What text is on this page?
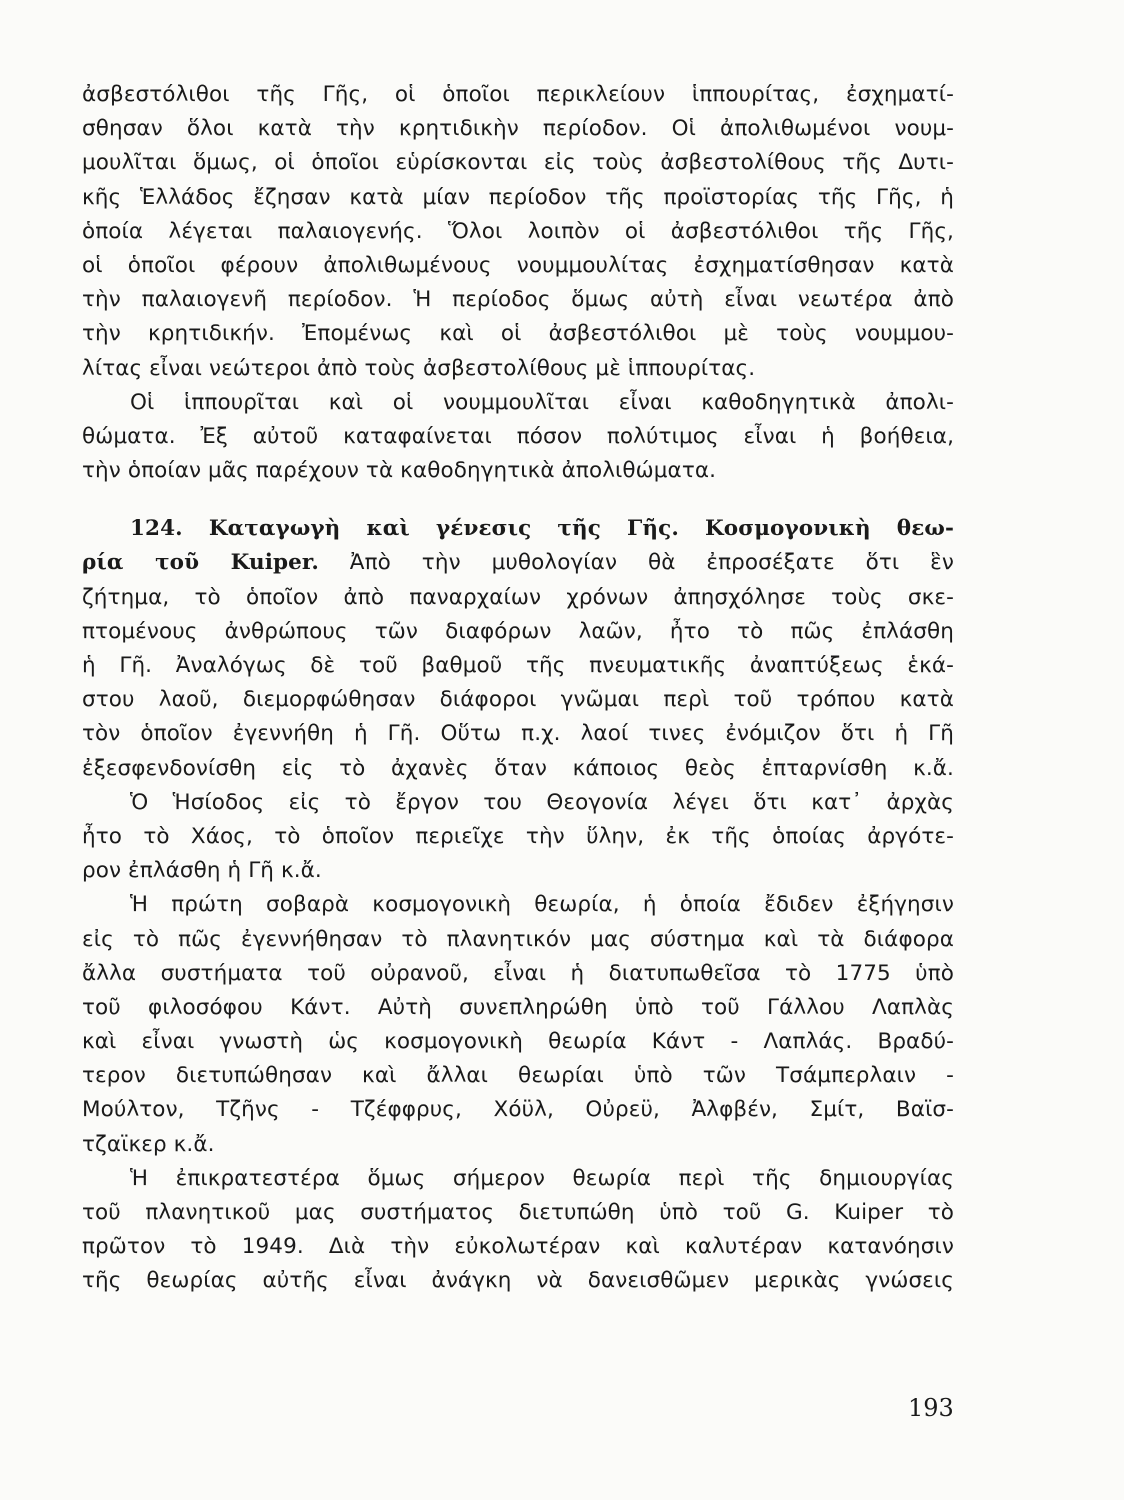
ἀσβεστόλιθοι τῆς Γῆς, οἱ ὁποῖοι περικλείουν ἱππουρίτας, ἐσχηματί-
σθησαν ὅλοι κατὰ τὴν κρητιδικὴν περίοδον. Οἱ ἀπολιθωμένοι νουμ-
μουλῖται ὅμως, οἱ ὁποῖοι εὑρίσκονται εἰς τοὺς ἀσβεστολίθους τῆς Δυτι-
κῆς Ἑλλάδος ἔζησαν κατὰ μίαν περίοδον τῆς προϊστορίας τῆς Γῆς, ἡ
ὁποία λέγεται παλαιογενής. Ὅλοι λοιπὸν οἱ ἀσβεστόλιθοι τῆς Γῆς,
οἱ ὁποῖοι φέρουν ἀπολιθωμένους νουμμουλίτας ἐσχηματίσθησαν κατὰ
τὴν παλαιογενῆ περίοδον. Ἡ περίοδος ὅμως αὐτὴ εἶναι νεωτέρα ἀπὸ
τὴν κρητιδικήν. Ἐπομένως καὶ οἱ ἀσβεστόλιθοι μὲ τοὺς νουμμου-
λίτας εἶναι νεώτεροι ἀπὸ τοὺς ἀσβεστολίθους μὲ ἱππουρίτας.
Οἱ ἱππουρῖται καὶ οἱ νουμμουλῖται εἶναι καθοδηγητικὰ ἀπολι-
θώματα. Ἐξ αὐτοῦ καταφαίνεται πόσον πολύτιμος εἶναι ἡ βοήθεια,
τὴν ὁποίαν μᾶς παρέχουν τὰ καθοδηγητικὰ ἀπολιθώματα.
124. Καταγωγὴ καὶ γένεσις τῆς Γῆς. Κοσμογονικὴ θεω-
ρία τοῦ Kuiper. Ἀπὸ τὴν μυθολογίαν θὰ ἐπροσέξατε ὅτι ἓν
ζήτημα, τὸ ὁποῖον ἀπὸ παναρχαίων χρόνων ἀπησχόλησε τοὺς σκε-
πτομένους ἀνθρώπους τῶν διαφόρων λαῶν, ἦτο τὸ πῶς ἐπλάσθη
ἡ Γῆ. Ἀναλόγως δὲ τοῦ βαθμοῦ τῆς πνευματικῆς ἀναπτύξεως ἑκά-
στου λαοῦ, διεμορφώθησαν διάφοροι γνῶμαι περὶ τοῦ τρόπου κατὰ
τὸν ὁποῖον ἐγεννήθη ἡ Γῆ. Οὕτω π.χ. λαοί τινες ἐνόμιζον ὅτι ἡ Γῆ
ἐξεσφενδονίσθη εἰς τὸ ἀχανὲς ὅταν κάποιος θεὸς ἐπταρνίσθη κ.ἄ.
Ὁ Ἡσίοδος εἰς τὸ ἔργον του Θεογονία λέγει ὅτι κατ᾽ ἀρχὰς
ἦτο τὸ Χάος, τὸ ὁποῖον περιεῖχε τὴν ὕλην, ἐκ τῆς ὁποίας ἀργότε-
ρον ἐπλάσθη ἡ Γῆ κ.ἄ.
Ἡ πρώτη σοβαρὰ κοσμογονικὴ θεωρία, ἡ ὁποία ἔδιδεν ἐξήγησιν
εἰς τὸ πῶς ἐγεννήθησαν τὸ πλανητικόν μας σύστημα καὶ τὰ διάφορα
ἄλλα συστήματα τοῦ οὐρανοῦ, εἶναι ἡ διατυπωθεῖσα τὸ 1775 ὑπὸ
τοῦ φιλοσόφου Κάντ. Αὐτὴ συνεπληρώθη ὑπὸ τοῦ Γάλλου Λαπλὰς
καὶ εἶναι γνωστὴ ὡς κοσμογονικὴ θεωρία Κάντ - Λαπλάς. Βραδύ-
τερον διετυπώθησαν καὶ ἄλλαι θεωρίαι ὑπὸ τῶν Τσάμπερλαιν -
Μούλτον, Τζῆνς - Τζέφφρυς, Χόϋλ, Οὐρεϋ, Ἀλφβέν, Σμίτ, Βαϊσ-
τζαϊκερ κ.ἄ.
Ἡ ἐπικρατεστέρα ὅμως σήμερον θεωρία περὶ τῆς δημιουργίας
τοῦ πλανητικοῦ μας συστήματος διετυπώθη ὑπὸ τοῦ G. Kuiper τὸ
πρῶτον τὸ 1949. Διὰ τὴν εὐκολωτέραν καὶ καλυτέραν κατανόησιν
τῆς θεωρίας αὐτῆς εἶναι ἀνάγκη νὰ δανεισθῶμεν μερικὰς γνώσεις
193
